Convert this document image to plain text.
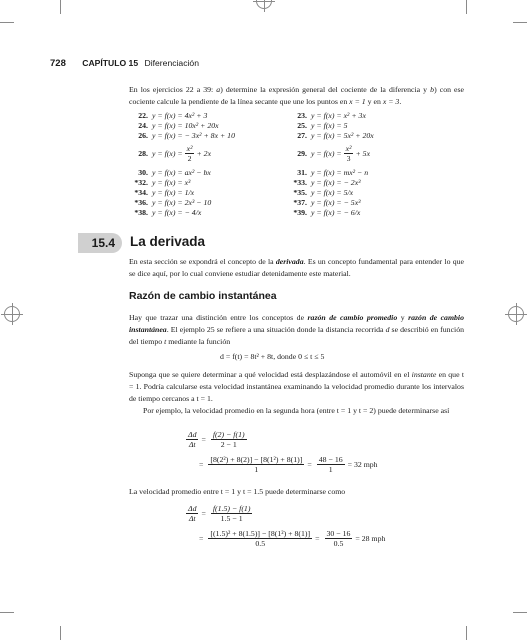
728 CAPÍTULO 15 Diferenciación
En los ejercicios 22 a 39: a) determine la expresión general del cociente de la diferencia y b) con ese cociente calcule la pendiente de la línea secante que une los puntos en x = 1 y en x = 3.
22. y = f(x) = 4x² + 3
24. y = f(x) = 10x² + 20x
26. y = f(x) = − 3x² + 8x + 10
28. $y = f(x) = \frac{\text{x²}}{2} + 2x$
30. y = f(x) = ax² − bx
*32. y = f(x) = x³
*34. y = f(x) = 1/x
*36. y = f(x) = 2x³ − 10
*38. y = f(x) = − 4/x
23. y = f(x) = x² + 3x
25. y = f(x) = 5
27. y = f(x) = 5x² + 20x
29. $y = f(x) = \frac{\text{x²}}{3} + 5x$
31. y = f(x) = mx² − n
*33. y = f(x) = − 2x³
*35. y = f(x) = 5/x
*37. y = f(x) = − 5x³
*39. y = f(x) = − 6/x
15.4	La derivada
En esta sección se expondrá el concepto de la derivada. Es un concepto fundamental para entender lo que se dice aquí, por lo cual conviene estudiar detenidamente este material.
Razón de cambio instantánea
Hay que trazar una distinción entre los conceptos de razón de cambio promedio y razón de cambio instantánea. El ejemplo 25 se refiere a una situación donde la distancia recorrida d se describió en función del tiempo t mediante la función
d = f(t) = 8t² + 8t, donde 0 ≤ t ≤ 5
Suponga que se quiere determinar a qué velocidad está desplazándose el automóvil en el instante en que t = 1. Podría calcularse esta velocidad instantánea examinando la velocidad promedio durante los intervalos de tiempo cercanos a t = 1.
Por ejemplo, la velocidad promedio en la segunda hora (entre t = 1 y t = 2) puede determinarse así
$\frac{\Delta d}{\Delta t} = \frac{f(2) - f(1)}{2 - 1}$
= $\frac{\text{[8(2²) + 8(2)] − [8(1²) + 8(1)]}}{1} = \frac{48 - 16}{1} = 32$ mph
La velocidad promedio entre t = 1 y t = 1.5 puede determinarse como
$\frac{\Delta d}{\Delta t} = \frac{f(1.5) - f(1)}{1.5 - 1}$
= $\frac{\text{[(1.5)² + 8(1.5)] − [8(1²) + 8(1)]}}{0.5} = \frac{30 - 16}{0.5} = 28$ mph
